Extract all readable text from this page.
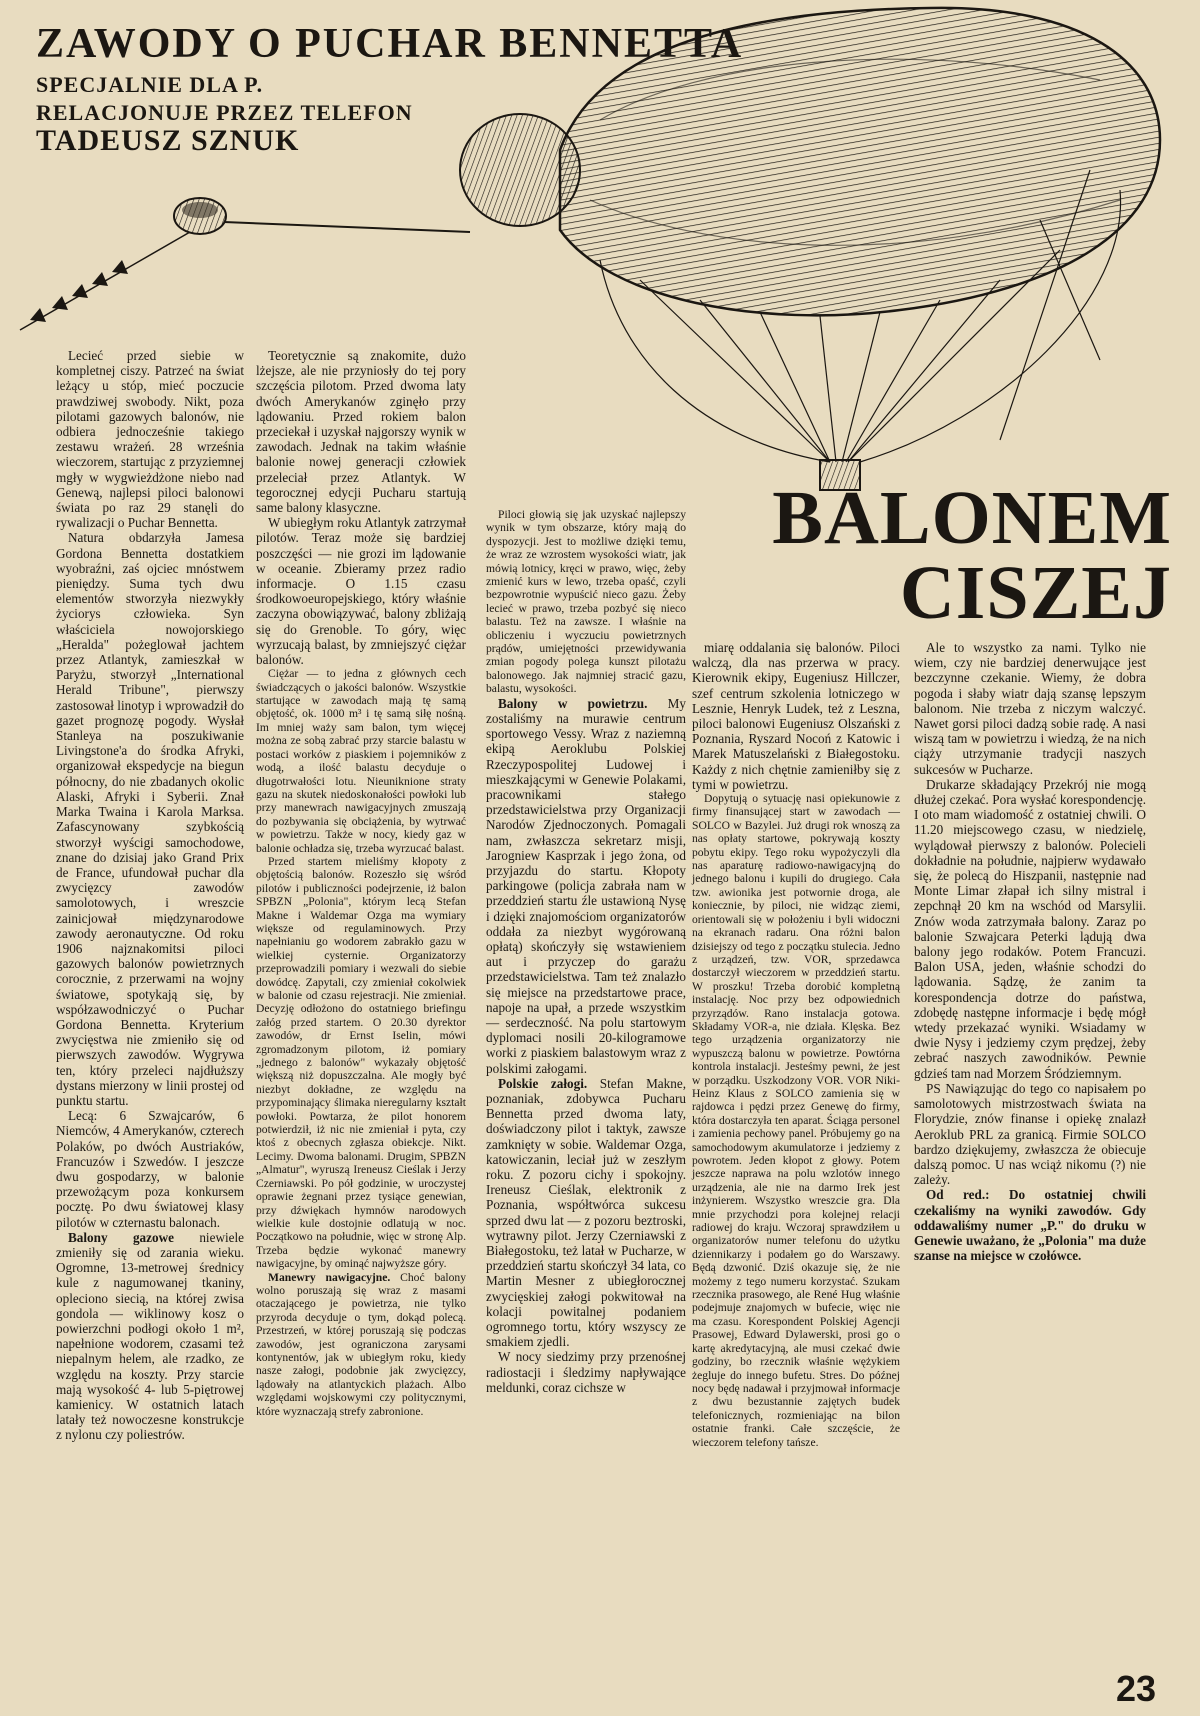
ZAWODY O PUCHAR BENNETTA
SPECJALNIE DLA P.
RELACJONUJE PRZEZ TELEFON
TADEUSZ SZNUK
BALONEM
CISZEJ

Lecieć przed siebie w kompletnej ciszy. Patrzeć na świat leżący u stóp, mieć poczucie prawdziwej swobody. Nikt, poza pilotami gazowych balonów, nie odbiera jednocześnie takiego zestawu wrażeń. 28 września wieczorem, startując z przyziemnej mgły w wygwieżdżone niebo nad Genewą, najlepsi piloci balonowi świata po raz 29 stanęli do rywalizacji o Puchar Bennetta.

Natura obdarzyła Jamesa Gordona Bennetta dostatkiem wyobraźni, zaś ojciec mnóstwem pieniędzy. Suma tych dwu elementów stworzyła niezwykły życiorys człowieka. Syn właściciela nowojorskiego „Heralda" pożeglował jachtem przez Atlantyk, zamieszkał w Paryżu, stworzył „International Herald Tribune", pierwszy zastosował linotyp i wprowadził do gazet prognozę pogody. Wysłał Stanleya na poszukiwanie Livingstone'a do środka Afryki, organizował ekspedycje na biegun północny, do nie zbadanych okolic Alaski, Afryki i Syberii. Znał Marka Twaina i Karola Marksa. Zafascynowany szybkością stworzył wyścigi samochodowe, znane do dzisiaj jako Grand Prix de France, ufundował puchar dla zwycięzcy zawodów samolotowych, i wreszcie zainicjował międzynarodowe zawody aeronautyczne. Od roku 1906 najznakomitsi piloci gazowych balonów powietrznych corocznie, z przerwami na wojny światowe, spotykają się, by współzawodniczyć o Puchar Gordona Bennetta. Kryterium zwycięstwa nie zmieniło się od pierwszych zawodów. Wygrywa ten, który przeleci najdłuższy dystans mierzony w linii prostej od punktu startu.

Lecą: 6 Szwajcarów, 6 Niemców, 4 Amerykanów, czterech Polaków, po dwóch Austriaków, Francuzów i Szwedów. I jeszcze dwu gospodarzy, w balonie przewożącym poza konkursem pocztę. Po dwu światowej klasy pilotów w czternastu balonach.

Balony gazowe niewiele zmieniły się od zarania wieku. Ogromne, 13-metrowej średnicy kule z nagumowanej tkaniny, opleciono siecią, na której zwisa gondola — wiklinowy kosz o powierzchni podłogi około 1 m², napełnione wodorem, czasami też niepalnym helem, ale rzadko, ze względu na koszty. Przy starcie mają wysokość 4- lub 5-piętrowej kamienicy. W ostatnich latach latały też nowoczesne konstrukcje z nylonu czy poliestrów.

Teoretycznie są znakomite, dużo lżejsze, ale nie przyniosły do tej pory szczęścia pilotom. Przed dwoma laty dwóch Amerykanów zginęło przy lądowaniu. Przed rokiem balon przeciekał i uzyskał najgorszy wynik w zawodach. Jednak na takim właśnie balonie nowej generacji człowiek przeleciał przez Atlantyk. W tegorocznej edycji Pucharu startują same balony klasyczne.

W ubiegłym roku Atlantyk zatrzymał pilotów. Teraz może się bardziej poszczęści — nie grozi im lądowanie w oceanie. Zbieramy przez radio informacje. O 1.15 czasu środkowoeuropejskiego, który właśnie zaczyna obowiązywać, balony zbliżają się do Grenoble. To góry, więc wyrzucają balast, by zmniejszyć ciężar balonów.

Ciężar — to jedna z głównych cech świadczących o jakości balonów. Wszystkie startujące w zawodach mają tę samą objętość, ok. 1000 m³ i tę samą siłę nośną. Im mniej waży sam balon, tym więcej można ze sobą zabrać przy starcie balastu w postaci worków z piaskiem i pojemników z wodą, a ilość balastu decyduje o długotrwałości lotu. Nieuniknione straty gazu na skutek niedoskonałości powłoki lub przy manewrach nawigacyjnych zmuszają do pozbywania się obciążenia, by wytrwać w powietrzu. Także w nocy, kiedy gaz w balonie ochładza się, trzeba wyrzucać balast.

Przed startem mieliśmy kłopoty z objętością balonów. Rozeszło się wśród pilotów i publiczności podejrzenie, iż balon SPBZN „Polonia", którym lecą Stefan Makne i Waldemar Ozga ma wymiary większe od regulaminowych. Przy napełnianiu go wodorem zabrakło gazu w wielkiej cysternie. Organizatorzy przeprowadzili pomiary i wezwali do siebie dowódcę. Zapytali, czy zmieniał cokolwiek w balonie od czasu rejestracji. Nie zmieniał. Decyzję odłożono do ostatniego briefingu załóg przed startem. O 20.30 dyrektor zawodów, dr Ernst Iselin, mówi zgromadzonym pilotom, iż pomiary „jednego z balonów" wykazały objętość większą niż dopuszczalna. Ale mogły być niezbyt dokładne, ze względu na przypominający ślimaka nieregularny kształt powłoki. Powtarza, że pilot honorem potwierdził, iż nic nie zmieniał i pyta, czy ktoś z obecnych zgłasza obiekcje. Nikt. Lecimy. Dwoma balonami. Drugim, SPBZN „Almatur", wyruszą Ireneusz Cieślak i Jerzy Czerniawski. Po pół godzinie, w uroczystej oprawie żegnani przez tysiące genewian, przy dźwiękach hymnów narodowych wielkie kule dostojnie odlatują w noc. Początkowo na południe, więc w stronę Alp. Trzeba będzie wykonać manewry nawigacyjne, by ominąć najwyższe góry.

Manewry nawigacyjne. Choć balony wolno poruszają się wraz z masami otaczającego je powietrza, nie tylko przyroda decyduje o tym, dokąd polecą. Przestrzeń, w której poruszają się podczas zawodów, jest ograniczona zarysami kontynentów, jak w ubiegłym roku, kiedy nasze załogi, podobnie jak zwycięzcy, lądowały na atlantyckich plażach. Albo względami wojskowymi czy politycznymi, które wyznaczają strefy zabronione.

Piloci głowią się jak uzyskać najlepszy wynik w tym obszarze, który mają do dyspozycji. Jest to możliwe dzięki temu, że wraz ze wzrostem wysokości wiatr, jak mówią lotnicy, kręci w prawo, więc, żeby zmienić kurs w lewo, trzeba opaść, czyli bezpowrotnie wypuścić nieco gazu. Żeby lecieć w prawo, trzeba pozbyć się nieco balastu. Też na zawsze. I właśnie na obliczeniu i wyczuciu powietrznych prądów, umiejętności przewidywania zmian pogody polega kunszt pilotażu balonowego. Jak najmniej stracić gazu, balastu, wysokości.

Balony w powietrzu. My zostaliśmy na murawie centrum sportowego Vessy. Wraz z naziemną ekipą Aeroklubu Polskiej Rzeczypospolitej Ludowej i mieszkającymi w Genewie Polakami, pracownikami stałego przedstawicielstwa przy Organizacji Narodów Zjednoczonych. Pomagali nam, zwłaszcza sekretarz misji, Jarogniew Kasprzak i jego żona, od przyjazdu do startu. Kłopoty parkingowe (policja zabrała nam w przeddzień startu źle ustawioną Nysę i dzięki znajomościom organizatorów oddała za niezbyt wygórowaną opłatą) skończyły się wstawieniem aut i przyczep do garażu przedstawicielstwa. Tam też znalazło się miejsce na przedstartowe prace, napoje na upał, a przede wszystkim — serdeczność. Na polu startowym dyplomaci nosili 20-kilogramowe worki z piaskiem balastowym wraz z polskimi załogami.

Polskie załogi. Stefan Makne, poznaniak, zdobywca Pucharu Bennetta przed dwoma laty, doświadczony pilot i taktyk, zawsze zamknięty w sobie. Waldemar Ozga, katowiczanin, leciał już w zeszłym roku. Z pozoru cichy i spokojny. Ireneusz Cieślak, elektronik z Poznania, współtwórca sukcesu sprzed dwu lat — z pozoru beztroski, wytrawny pilot. Jerzy Czerniawski z Białegostoku, też latał w Pucharze, w przeddzień startu skończył 34 lata, co Martin Mesner z ubiegłorocznej zwycięskiej załogi pokwitował na kolacji powitalnej podaniem ogromnego tortu, który wszyscy ze smakiem zjedli.

W nocy siedzimy przy przenośnej radiostacji i śledzimy napływające meldunki, coraz cichsze w

miarę oddalania się balonów. Piloci walczą, dla nas przerwa w pracy. Kierownik ekipy, Eugeniusz Hillczer, szef centrum szkolenia lotniczego w Lesznie, Henryk Ludek, też z Leszna, piloci balonowi Eugeniusz Olszański z Poznania, Ryszard Nocoń z Katowic i Marek Matuszelański z Białegostoku. Każdy z nich chętnie zamieniłby się z tymi w powietrzu.

Dopytują o sytuację nasi opiekunowie z firmy finansującej start w zawodach — SOLCO w Bazylei. Już drugi rok wnoszą za nas opłaty startowe, pokrywają koszty pobytu ekipy. Tego roku wypożyczyli dla nas aparaturę radiowo-nawigacyjną do jednego balonu i kupili do drugiego. Cała tzw. awionika jest potwornie droga, ale koniecznie, by piloci, nie widząc ziemi, orientowali się w położeniu i byli widoczni na ekranach radaru. Ona różni balon dzisiejszy od tego z początku stulecia. Jedno z urządzeń, tzw. VOR, sprzedawca dostarczył wieczorem w przeddzień startu. W proszku! Trzeba dorobić kompletną instalację. Noc przy bez odpowiednich przyrządów. Rano instalacja gotowa. Składamy VOR-a, nie działa. Klęska. Bez tego urządzenia organizatorzy nie wypuszczą balonu w powietrze. Powtórna kontrola instalacji. Jesteśmy pewni, że jest w porządku. Uszkodzony VOR. VOR Niki-Heinz Klaus z SOLCO zamienia się w rajdowca i pędzi przez Genewę do firmy, która dostarczyła ten aparat. Ściąga personel i zamienia pechowy panel. Próbujemy go na samochodowym akumulatorze i jedziemy z powrotem. Jeden kłopot z głowy. Potem jeszcze naprawa na polu wzlotów innego urządzenia, ale nie na darmo Irek jest inżynierem. Wszystko wreszcie gra. Dla mnie przychodzi pora kolejnej relacji radiowej do kraju. Wczoraj sprawdziłem u organizatorów numer telefonu do użytku dziennikarzy i podałem go do Warszawy. Będą dzwonić. Dziś okazuje się, że nie możemy z tego numeru korzystać. Szukam rzecznika prasowego, ale René Hug właśnie podejmuje znajomych w bufecie, więc nie ma czasu. Korespondent Polskiej Agencji Prasowej, Edward Dylawerski, prosi go o kartę akredytacyjną, ale musi czekać dwie godziny, bo rzecznik właśnie wężykiem żegluje do innego bufetu. Stres. Do późnej nocy będę nadawał i przyjmował informacje z dwu bezustannie zajętych budek telefonicznych, rozmieniając na bilon ostatnie franki. Całe szczęście, że wieczorem telefony tańsze.

Ale to wszystko za nami. Tylko nie wiem, czy nie bardziej denerwujące jest bezczynne czekanie. Wiemy, że dobra pogoda i słaby wiatr dają szansę lepszym balonom. Nie trzeba z niczym walczyć. Nawet gorsi piloci dadzą sobie radę. A nasi wiszą tam w powietrzu i wiedzą, że na nich ciąży utrzymanie tradycji naszych sukcesów w Pucharze.

Drukarze składający Przekrój nie mogą dłużej czekać. Pora wysłać korespondencję. I oto mam wiadomość z ostatniej chwili. O 11.20 miejscowego czasu, w niedzielę, wylądował pierwszy z balonów. Polecieli dokładnie na południe, najpierw wydawało się, że polecą do Hiszpanii, następnie nad Monte Limar złapał ich silny mistral i zepchnął 20 km na wschód od Marsylii. Znów woda zatrzymała balony. Zaraz po balonie Szwajcara Peterki lądują dwa balony jego rodaków. Potem Francuzi. Balon USA, jeden, właśnie schodzi do lądowania. Sądzę, że zanim ta korespondencja dotrze do państwa, zdobędę następne informacje i będę mógł wtedy przekazać wyniki. Wsiadamy w dwie Nysy i jedziemy czym prędzej, żeby zebrać naszych zawodników. Pewnie gdzieś tam nad Morzem Śródziemnym.

PS Nawiązując do tego co napisałem po samolotowych mistrzostwach świata na Florydzie, znów finanse i opiekę znalazł Aeroklub PRL za granicą. Firmie SOLCO bardzo dziękujemy, zwłaszcza że obiecuje dalszą pomoc. U nas wciąż nikomu (?) nie zależy.

Od red.: Do ostatniej chwili czekaliśmy na wyniki zawodów. Gdy oddawaliśmy numer „P." do druku w Genewie uważano, że „Polonia" ma duże szanse na miejsce w czołówce.

23
